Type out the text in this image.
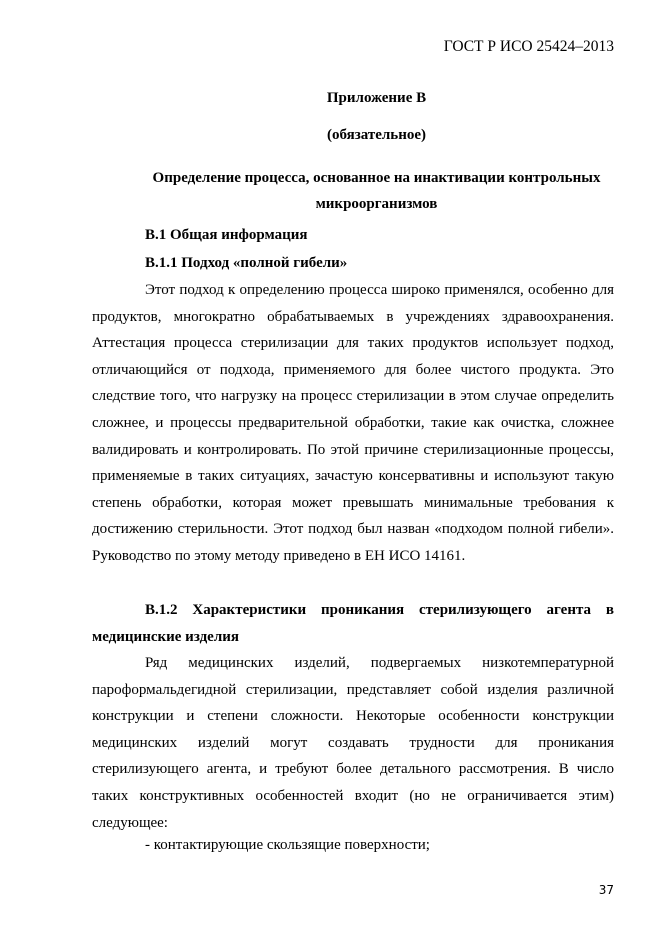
ГОСТ Р ИСО 25424–2013
Приложение В
(обязательное)
Определение процесса, основанное на инактивации контрольных
микроорганизмов
В.1 Общая информация
В.1.1 Подход «полной гибели»

Этот подход к определению процесса широко применялся, особенно для продуктов, многократно обрабатываемых в учреждениях здравоохранения. Аттестация процесса стерилизации для таких продуктов использует подход, отличающийся от подхода, применяемого для более чистого продукта. Это следствие того, что нагрузку на процесс стерилизации в этом случае определить сложнее, и процессы предварительной обработки, такие как очистка, сложнее валидировать и контролировать. По этой причине стерилизационные процессы, применяемые в таких ситуациях, зачастую консервативны и используют такую степень обработки, которая может превышать минимальные требования к достижению стерильности. Этот подход был назван «подходом полной гибели». Руководство по этому методу приведено в ЕН ИСО 14161.

В.1.2 Характеристики проникания стерилизующего агента в медицинские изделия

Ряд медицинских изделий, подвергаемых низкотемпературной пароформальдегидной стерилизации, представляет собой изделия различной конструкции и степени сложности. Некоторые особенности конструкции медицинских изделий могут создавать трудности для проникания стерилизующего агента, и требуют более детального рассмотрения. В число таких конструктивных особенностей входит (но не ограничивается этим) следующее:

- контактирующие скользящие поверхности;
37
